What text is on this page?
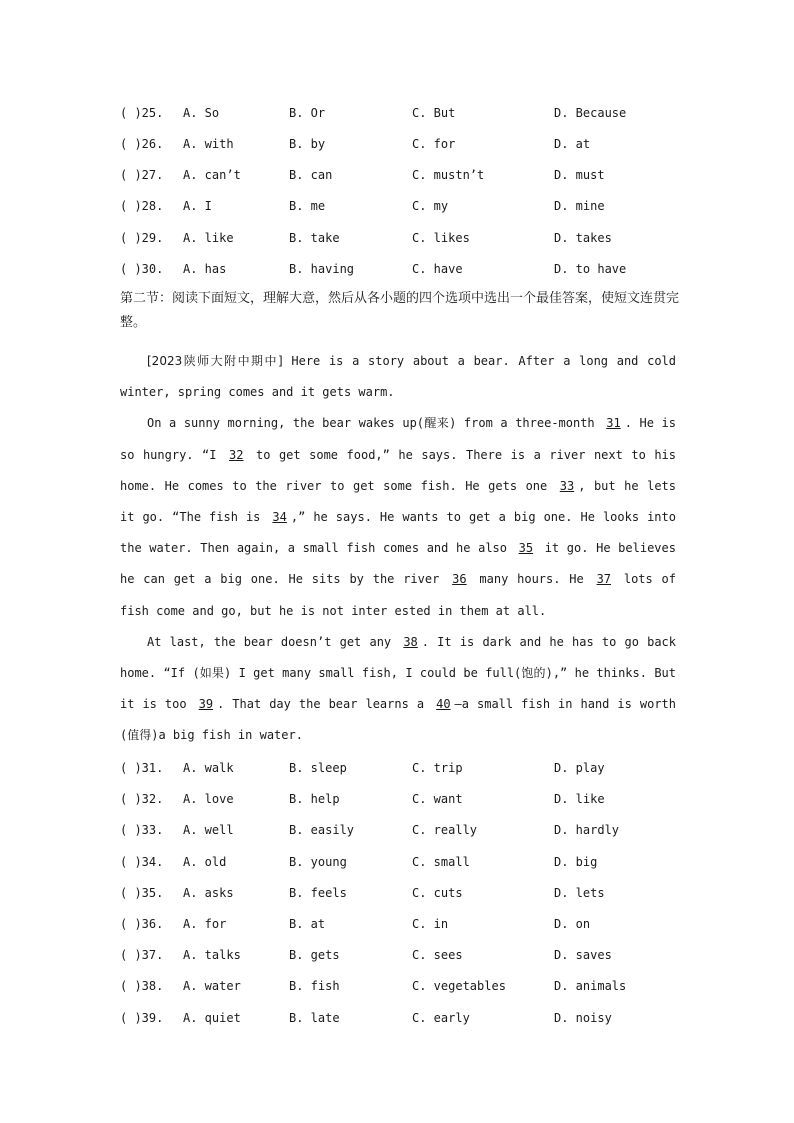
( )25. A. So	B. Or	C. But	D. Because
( )26. A. with	B. by	C. for	D. at
( )27. A. can’t	B. can	C. mustn’t	D. must
( )28. A. I	B. me	C. my	D. mine
( )29. A. like	B. take	C. likes	D. takes
( )30. A. has	B. having	C. have	D. to have
第二节：阅读下面短文，理解大意，然后从各小题的四个选项中选出一个最佳答案，使短文连贯完整。

[2023陕师大附中期中] Here is a story about a bear. After a long and cold winter, spring comes and it gets warm.

On a sunny morning, the bear wakes up(醒来) from a three-month 31 . He is so hungry. “I 32 to get some food,” he says. There is a river next to his home. He comes to the river to get some fish. He gets one 33 , but he lets it go. “The fish is 34 ,” he says. He wants to get a big one. He looks into the water. Then again, a small fish comes and he also 35 it go. He believes he can get a big one. He sits by the river 36 many hours. He 37 lots of fish come and go, but he is not inter ested in them at all.

At last, the bear doesn’t get any 38 . It is dark and he has to go back home. “If (如果) I get many small fish, I could be full(饱的),” he thinks. But it is too 39 . That day the bear learns a 40 —a small fish in hand is worth (值得)a big fish in water.

( )31. A. walk	B. sleep	C. trip	D. play
( )32. A. love	B. help	C. want	D. like
( )33. A. well	B. easily	C. really	D. hardly
( )34. A. old	B. young	C. small	D. big
( )35. A. asks	B. feels	C. cuts	D. lets
( )36. A. for	B. at	C. in	D. on
( )37. A. talks	B. gets	C. sees	D. saves
( )38. A. water	B. fish	C. vegetables	D. animals
( )39. A. quiet	B. late	C. early	D. noisy
